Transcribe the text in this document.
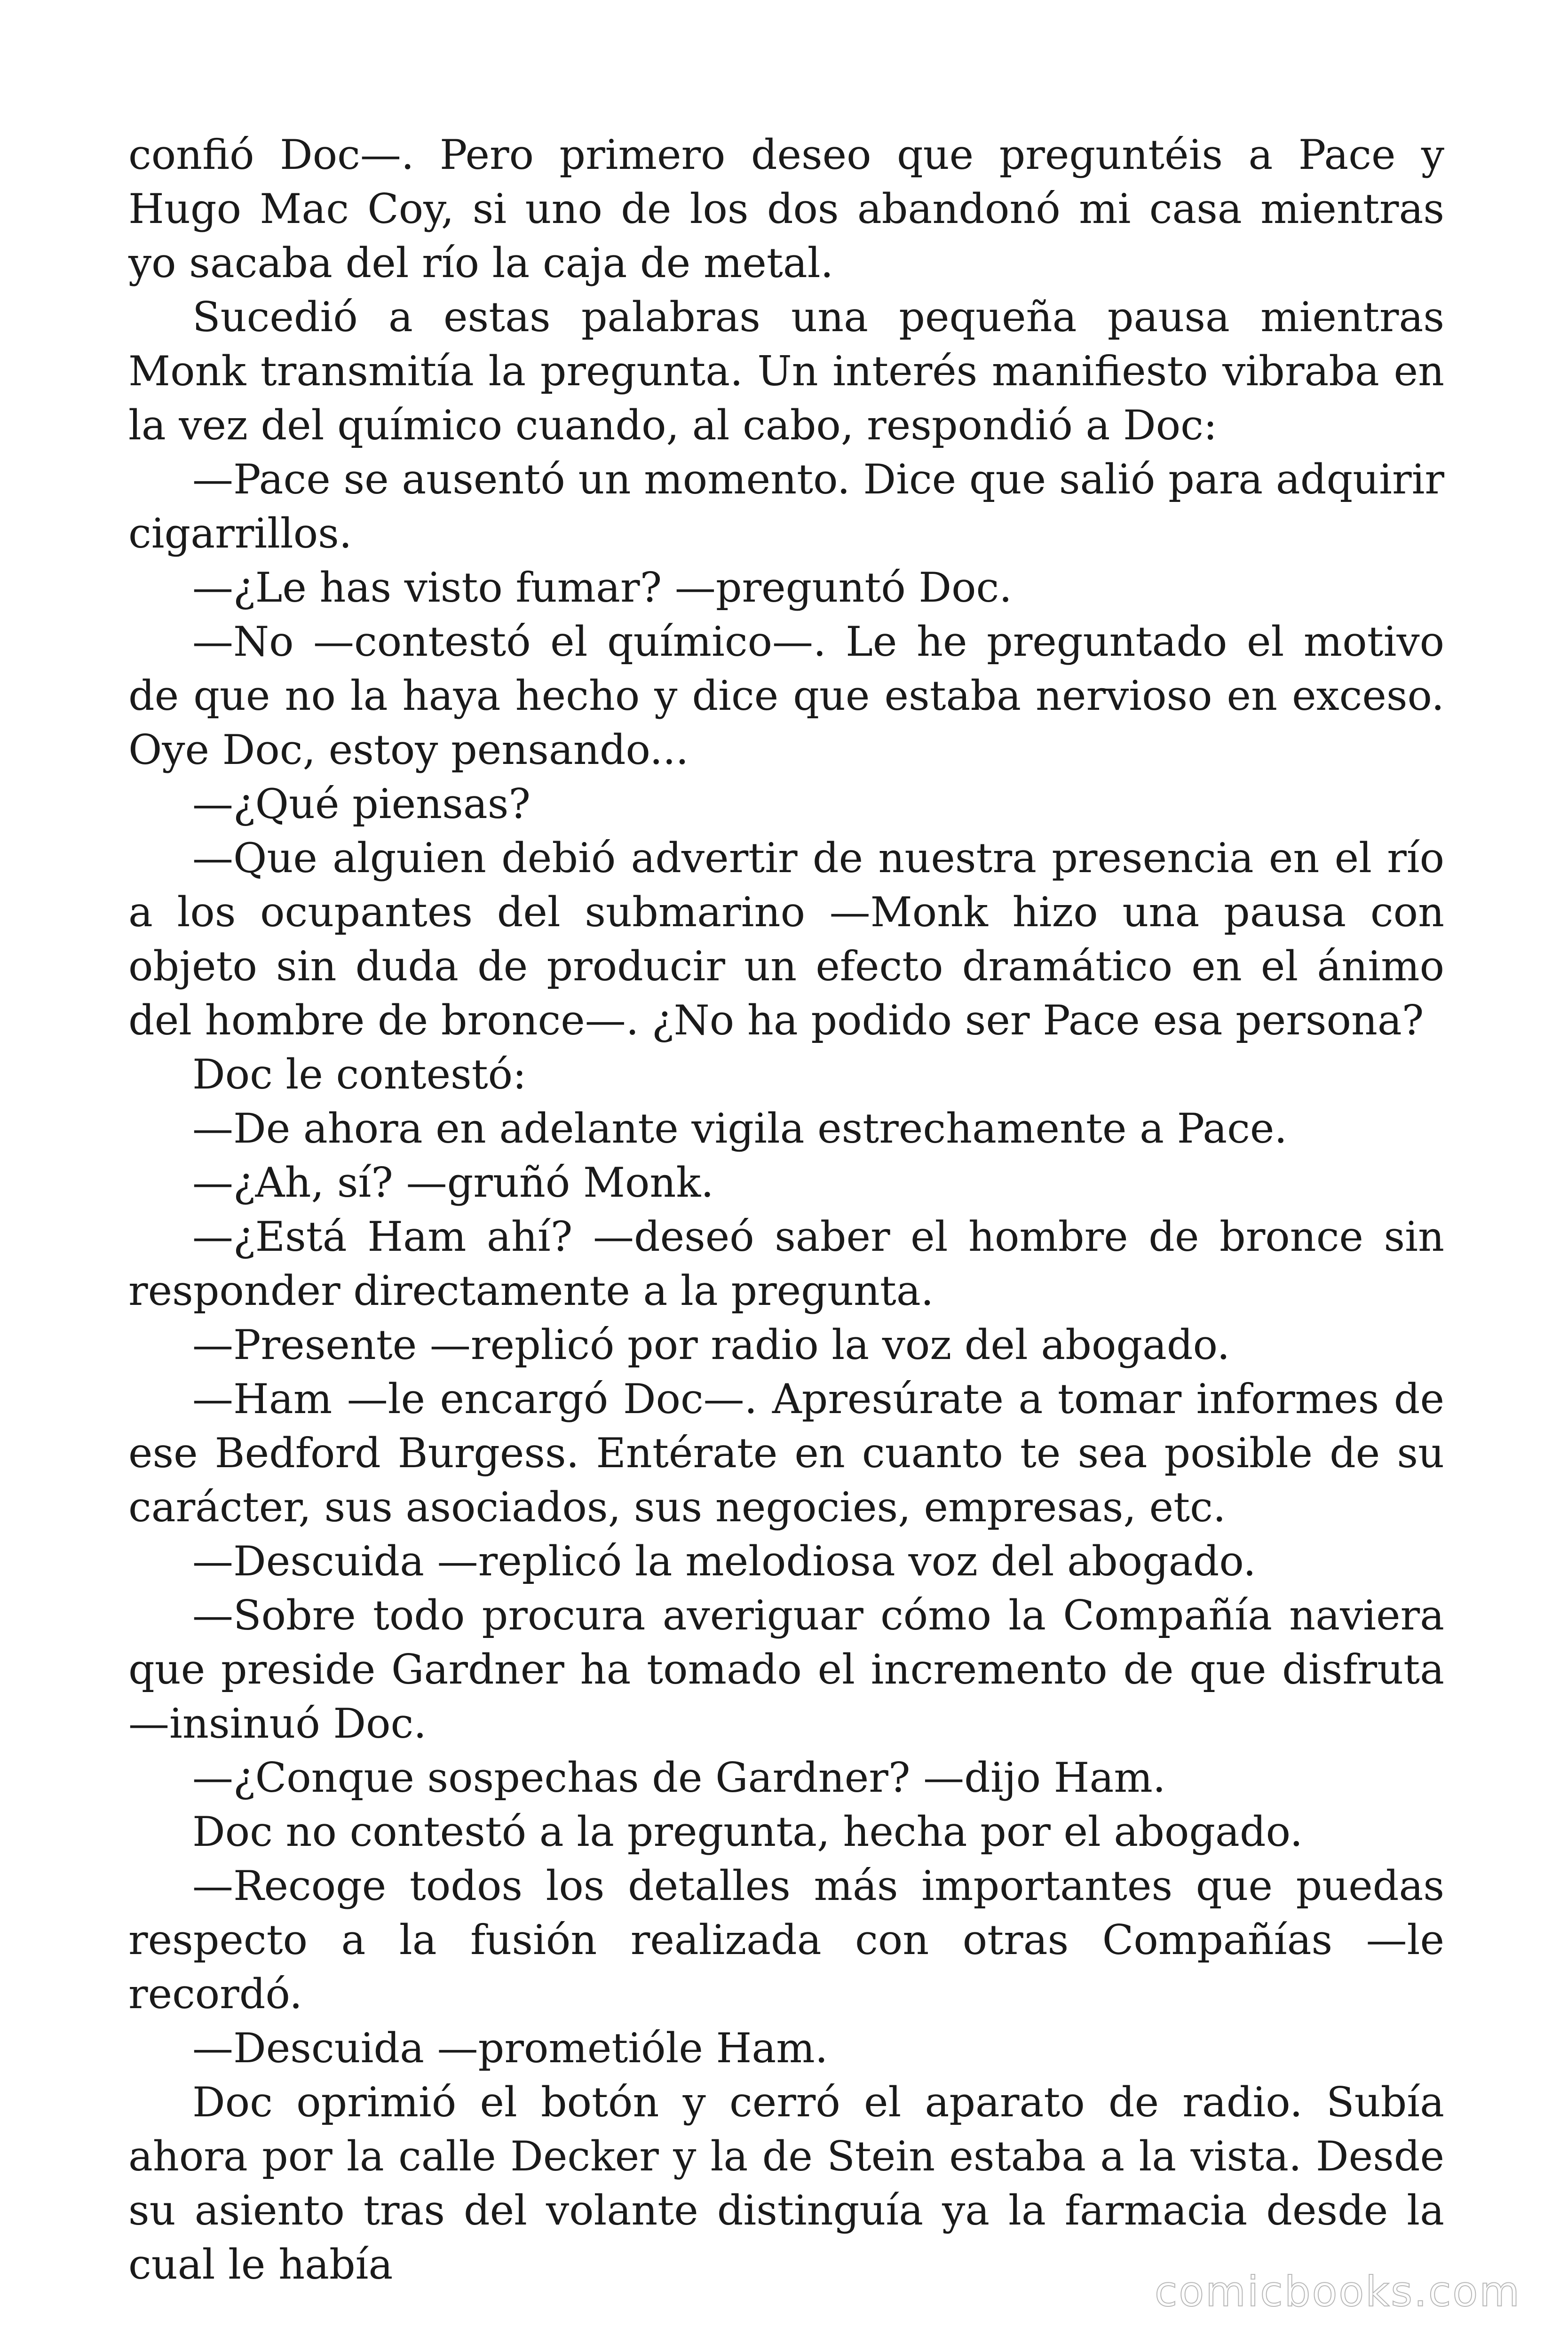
confió Doc—. Pero primero deseo que preguntéis a Pace y Hugo Mac Coy, si uno de los dos abandonó mi casa mientras yo sacaba del río la caja de metal.

Sucedió a estas palabras una pequeña pausa mientras Monk transmitía la pregunta. Un interés manifiesto vibraba en la vez del químico cuando, al cabo, respondió a Doc:

—Pace se ausentó un momento. Dice que salió para adquirir cigarrillos.

—¿Le has visto fumar? —preguntó Doc.

—No —contestó el químico—. Le he preguntado el motivo de que no la haya hecho y dice que estaba nervioso en exceso. Oye Doc, estoy pensando...

—¿Qué piensas?

—Que alguien debió advertir de nuestra presencia en el río a los ocupantes del submarino —Monk hizo una pausa con objeto sin duda de producir un efecto dramático en el ánimo del hombre de bronce—. ¿No ha podido ser Pace esa persona?

Doc le contestó:

—De ahora en adelante vigila estrechamente a Pace.

—¿Ah, sí? —gruñó Monk.

—¿Está Ham ahí? —deseó saber el hombre de bronce sin responder directamente a la pregunta.

—Presente —replicó por radio la voz del abogado.

—Ham —le encargó Doc—. Apresúrate a tomar informes de ese Bedford Burgess. Entérate en cuanto te sea posible de su carácter, sus asociados, sus negocies, empresas, etc.

—Descuida —replicó la melodiosa voz del abogado.

—Sobre todo procura averiguar cómo la Compañía naviera que preside Gardner ha tomado el incremento de que disfruta —insinuó Doc.

—¿Conque sospechas de Gardner? —dijo Ham.

Doc no contestó a la pregunta, hecha por el abogado.

—Recoge todos los detalles más importantes que puedas respecto a la fusión realizada con otras Compañías —le recordó.

—Descuida —prometióle Ham.

Doc oprimió el botón y cerró el aparato de radio. Subía ahora por la calle Decker y la de Stein estaba a la vista. Desde su asiento tras del volante distinguía ya la farmacia desde la cual le había

comicbooks.com
